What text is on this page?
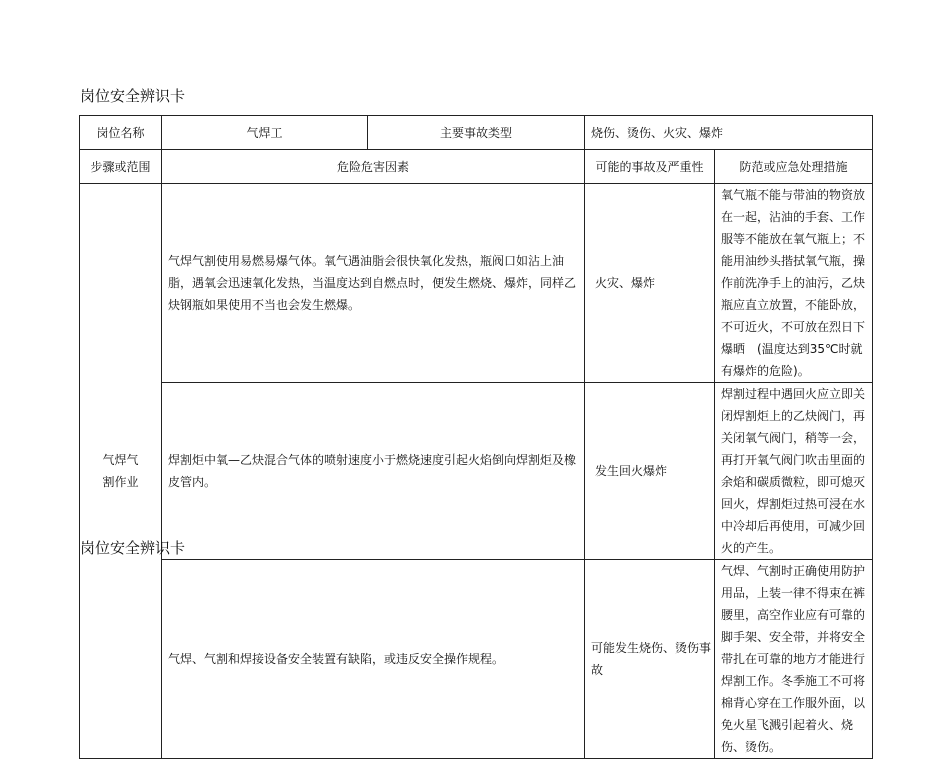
岗位安全辨识卡
岗位名称	气焊工	主要事故类型	烧伤、烫伤、火灾、爆炸	
步骤或范围	危险危害因素		可能的事故及严重性	防范或应急处理措施

气焊气割作业	气焊气割使用易燃易爆气体。氧气遇油脂会很快氧化发热，瓶阀口如沾上油脂，遇氧会迅速氧化发热，当温度达到自燃点时，便发生燃烧、爆炸，同样乙炔钢瓶如果使用不当也会发生燃爆。		火灾、爆炸	氧气瓶不能与带油的物资放在一起，沾油的手套、工作服等不能放在氧气瓶上；不能用油纱头揩拭氧气瓶，操作前洗净手上的油污，乙炔瓶应直立放置，不能卧放，不可近火，不可放在烈日下爆晒　(温度达到35℃时就有爆炸的危险)。
	焊割炬中氧—乙炔混合气体的喷射速度小于燃烧速度引起火焰倒向焊割炬及橡皮管内。		发生回火爆炸	焊割过程中遇回火应立即关闭焊割炬上的乙炔阀门，再关闭氧气阀门，稍等一会，再打开氧气阀门吹击里面的余焰和碳质微粒，即可熄灭回火，焊割炬过热可浸在水中冷却后再使用，可减少回火的产生。
	气焊、气割和焊接设备安全装置有缺陷，或违反安全操作规程。		可能发生烧伤、烫伤事故	气焊、气割时正确使用防护用品，上装一律不得束在裤腰里，高空作业应有可靠的脚手架、安全带，并将安全带扎在可靠的地方才能进行焊割工作。冬季施工不可将棉背心穿在工作服外面，以免火星飞溅引起着火、烧伤、烫伤。
岗位安全辨识卡
